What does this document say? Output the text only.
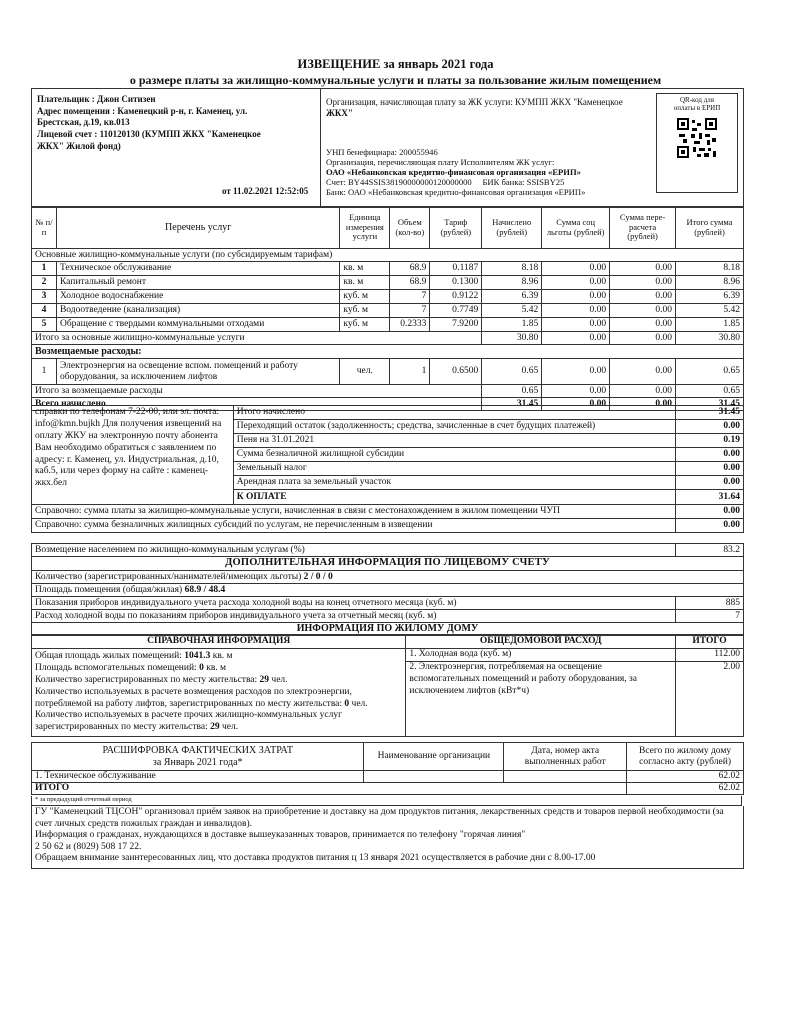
ИЗВЕЩЕНИЕ за январь 2021 года
о размере платы за жилищно-коммунальные услуги и платы за пользование жилым помещением
Плательщик : Джон Ситизен
Адрес помещения : Каменецкий р-н, г. Каменец, ул.
Брестская, д.19, кв.013
Лицевой счет : 110120130 (КУМПП ЖКХ "Каменецкое
ЖКХ" Жилой фонд)
от 11.02.2021 12:52:05
Организация, начисляющая плату за ЖК услуги: КУМПП ЖКХ "Каменецкое
ЖКХ"
УНП бенефициара: 200055946
Организация, перечисляющая плату Исполнителям ЖК услуг:
ОАО «Небанковская кредитно-финансовая организация «ЕРИП»
Счет: BY44SSIS38190000000120000000 БИК банка: SSISBY25
Банк: ОАО «Небанковская кредитно-финансовая организация «ЕРИП»
QR-код для
оплаты в ЕРИП
№ п/п	Перечень услуг	Единица измерения услуги	Объем (кол-во)	Тариф (рублей)	Начислено (рублей)	Сумма соц льготы (рублей)	Сумма пере-расчета (рублей)	Итого сумма (рублей)
Основные жилищно-коммунальные услуги (по субсидируемым тарифам)								
1	Техническое обслуживание	кв. м	68.9	0.1187	8.18	0.00	0.00	8.18
2	Капитальный ремонт	кв. м	68.9	0.1300	8.96	0.00	0.00	8.96
3	Холодное водоснабжение	куб. м	7	0.9122	6.39	0.00	0.00	6.39
4	Водоотведение (канализация)	куб. м	7	0.7749	5.42	0.00	0.00	5.42
5	Обращение с твердыми коммунальными отходами	куб. м	0.2333	7.9200	1.85	0.00	0.00	1.85
Итого за основные жилищно-коммунальные услуги					30.80	0.00	0.00	30.80
Возмещаемые расходы:								
1	Электроэнергия на освещение вспом. помещений и работу оборудования, за исключением лифтов	чел.	1	0.6500	0.65	0.00	0.00	0.65
Итого за возмещаемые расходы					0.65	0.00	0.00	0.65
Всего начислено					31.45	0.00	0.00	31.45
справки по телефонам 7-22-00, или эл. почта: info@kmn.bujkh Для получения извещений на оплату ЖКУ на электронную почту абонента Вам необходимо обратиться с заявлением по адресу: г. Каменец, ул. Индустриальная, д.10, каб.5, или через форму на сайте : каменец-жкх.бел	Итого начислено	31.45
	Переходящий остаток (задолженность; средства, зачисленные в счет будущих платежей)	0.00
	Пеня на 31.01.2021	0.19
	Сумма безналичной жилищной субсидии	0.00
	Земельный налог	0.00
	Арендная плата за земельный участок	0.00
	К ОПЛАТЕ	31.64
Справочно: сумма платы за жилищно-коммунальные услуги, начисленная в связи с местонахождением в жилом помещении ЧУП		0.00
Справочно: сумма безналичных жилищных субсидий по услугам, не перечисленным в извещении		0.00
Возмещение населением по жилищно-коммунальным услугам (%)	83.2
ДОПОЛНИТЕЛЬНАЯ ИНФОРМАЦИЯ ПО ЛИЦЕВОМУ СЧЕТУ	
Количество (зарегистрированных/нанимателей/имеющих льготы) 2 / 0 / 0	
Площадь помещения (общая/жилая) 68.9 / 48.4	
Показания приборов индивидуального учета расхода холодной воды на конец отчетного месяца (куб. м)	885
Расход холодной воды по показаниям приборов индивидуального учета за отчетный месяц (куб. м)	7
ИНФОРМАЦИЯ ПО ЖИЛОМУ ДОМУ	
СПРАВОЧНАЯ ИНФОРМАЦИЯ	ОБЩЕДОМОВОЙ РАСХОД	ИТОГО

Общая площадь жилых помещений: 1041.3 кв. м
Площадь вспомогательных помещений: 0 кв. м
Количество зарегистрированных по месту жительства: 29 чел.
Количество используемых в расчете возмещения расходов по электроэнергии, потребляемой на работу лифтов, зарегистрированных по месту жительства: 0 чел.
Количество используемых в расчете прочих жилищно-коммунальных услуг зарегистрированных по месту жительства: 29 чел.	1. Холодная вода (куб. м)	112.00
	2. Электроэнергия, потребляемая на освещение вспомогательных помещений и работу оборудования, за исключением лифтов (кВт*ч)	2.00
РАСШИФРОВКА ФАКТИЧЕСКИХ ЗАТРАТ
за Январь 2021 года*	Наименование организации	Дата, номер акта выполненных работ	Всего по жилому дому согласно акту (рублей)
1. Техническое обслуживание			62.02
ИТОГО			62.02
* за предыдущий отчетный период
ГУ "Каменецкий ТЦСОН" организовал приём заявок на приобретение и доставку на дом продуктов питания, лекарственных средств и товаров первой необходимости (за счет личных средств пожилых граждан и инвалидов).
Информация о гражданах, нуждающихся в доставке вышеуказанных товаров, принимается по телефону "горячая линия"
2 50 62 и (8029) 508 17 22.
Обращаем внимание заинтересованных лиц, что доставка продуктов питания ц 13 января 2021 осуществляется в рабочие дни с 8.00-17.00
